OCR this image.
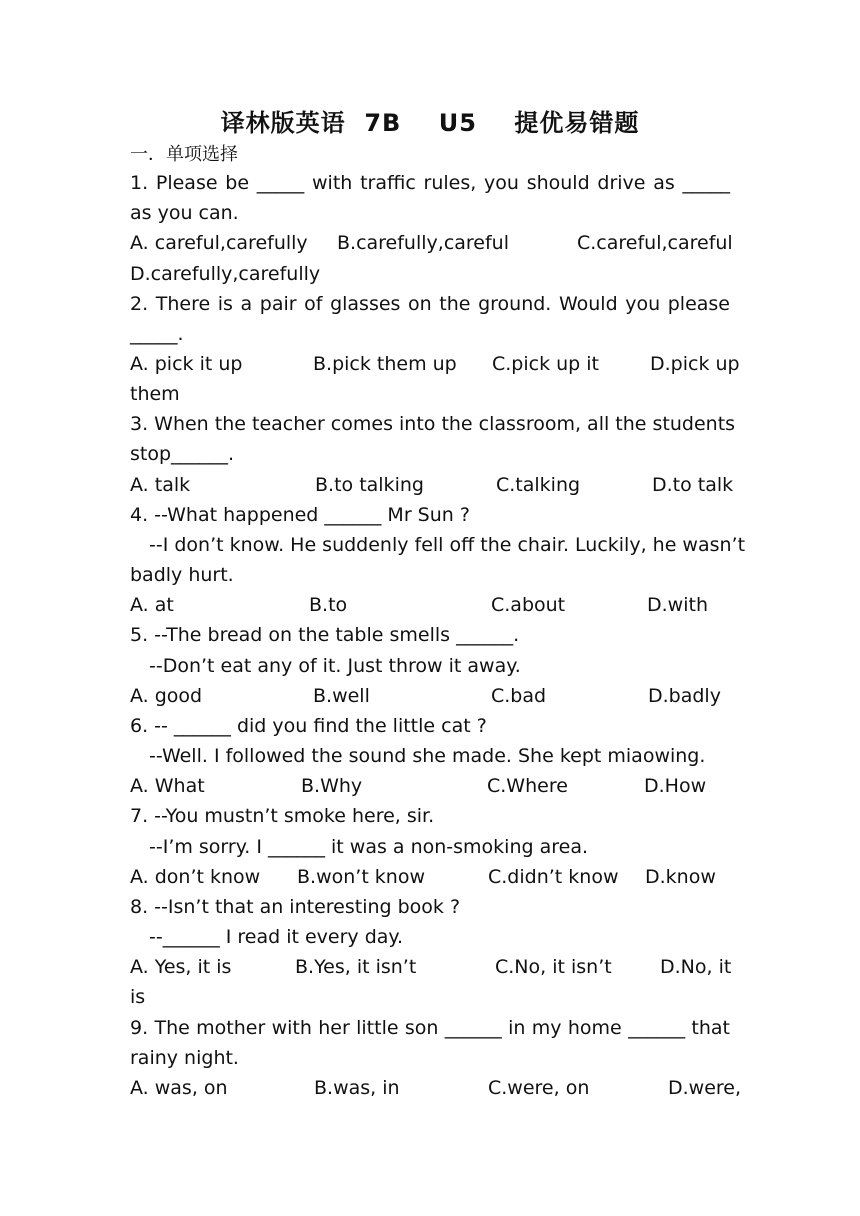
译林版英语  7B    U5    提优易错题
一．单项选择
1. Please be _____ with traffic rules, you should drive as _____
as you can.
A. careful,carefully B.carefully,careful	C.careful,careful
D.carefully,carefully
2. There is a pair of glasses on the ground. Would you please
_____.
A. pick it up	B.pick them up C.pick up it	D.pick up
them
3. When the teacher comes into the classroom, all the students
stop______.
A. talk	B.to talking	C.talking	D.to talk
4. --What happened ______ Mr Sun ?
--I don’t know. He suddenly fell off the chair. Luckily, he wasn’t
badly hurt.
A. at	B.to	C.about	D.with
5. --The bread on the table smells ______.
--Don’t eat any of it. Just throw it away.
A. good	B.well	C.bad	D.badly
6. -- ______ did you find the little cat ?
--Well. I followed the sound she made. She kept miaowing.
A. What	B.Why	C.Where	D.How
7. --You mustn’t smoke here, sir.
--I’m sorry. I ______ it was a non-smoking area.
A. don’t know B.won’t know	C.didn’t know D.know
8. --Isn’t that an interesting book ?
--______ I read it every day.
A. Yes, it is	B.Yes, it isn’t	C.No, it isn’t	D.No, it
is
9. The mother with her little son ______ in my home ______ that
rainy night.
A. was, on	B.was, in	C.were, on	D.were,
